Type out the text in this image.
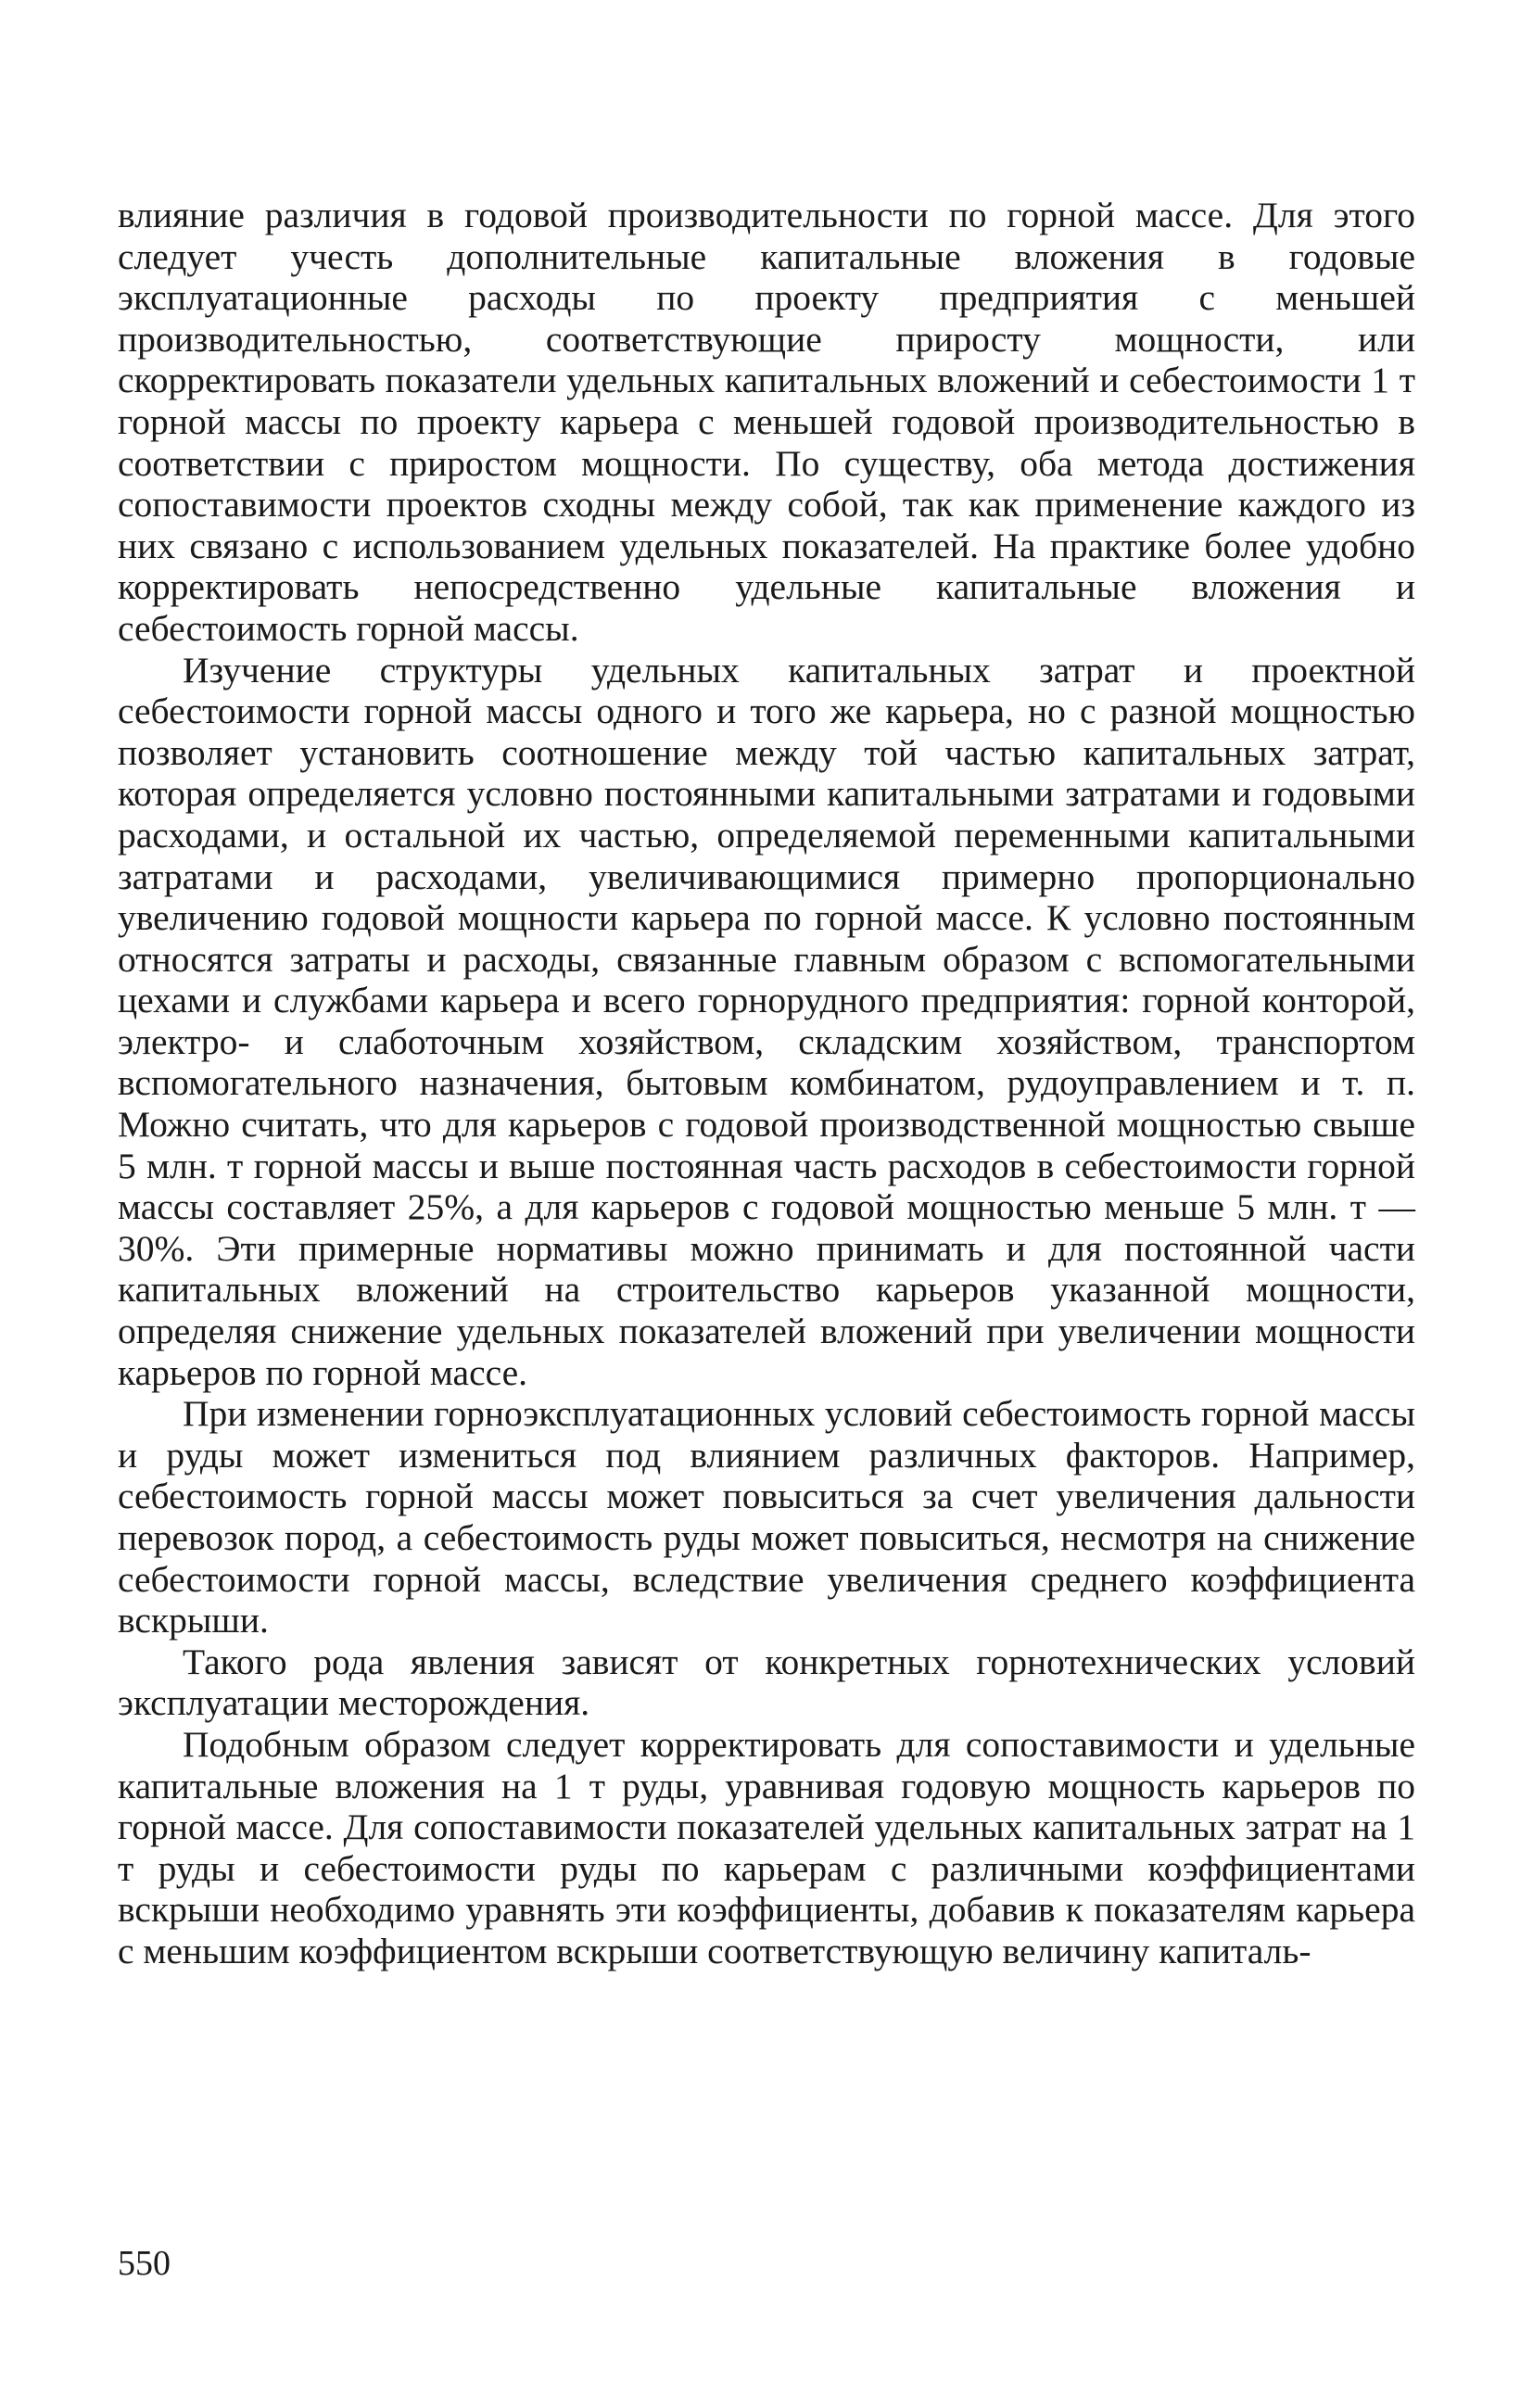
влияние различия в годовой производительности по горной массе. Для этого следует учесть дополнительные капитальные вложения в годовые эксплуатационные расходы по проекту предприятия с меньшей производительностью, соответствующие приросту мощности, или скорректировать показатели удельных капитальных вложений и себестоимости 1 т горной массы по проекту карьера с меньшей годовой производительностью в соответствии с приростом мощности. По существу, оба метода достижения сопоставимости проектов сходны между собой, так как применение каждого из них связано с использованием удельных показателей. На практике более удобно корректировать непосредственно удельные капитальные вложения и себестоимость горной массы.

Изучение структуры удельных капитальных затрат и проектной себестоимости горной массы одного и того же карьера, но с разной мощностью позволяет установить соотношение между той частью капитальных затрат, которая определяется условно постоянными капитальными затратами и годовыми расходами, и остальной их частью, определяемой переменными капитальными затратами и расходами, увеличивающимися примерно пропорционально увеличению годовой мощности карьера по горной массе. К условно постоянным относятся затраты и расходы, связанные главным образом с вспомогательными цехами и службами карьера и всего горнорудного предприятия: горной конторой, электро- и слаботочным хозяйством, складским хозяйством, транспортом вспомогательного назначения, бытовым комбинатом, рудоуправлением и т. п. Можно считать, что для карьеров с годовой производственной мощностью свыше 5 млн. т горной массы и выше постоянная часть расходов в себестоимости горной массы составляет 25%, а для карьеров с годовой мощностью меньше 5 млн. т — 30%. Эти примерные нормативы можно принимать и для постоянной части капитальных вложений на строительство карьеров указанной мощности, определяя снижение удельных показателей вложений при увеличении мощности карьеров по горной массе.

При изменении горноэксплуатационных условий себестоимость горной массы и руды может измениться под влиянием различных факторов. Например, себестоимость горной массы может повыситься за счет увеличения дальности перевозок пород, а себестоимость руды может повыситься, несмотря на снижение себестоимости горной массы, вследствие увеличения среднего коэффициента вскрыши.

Такого рода явления зависят от конкретных горнотехнических условий эксплуатации месторождения.

Подобным образом следует корректировать для сопоставимости и удельные капитальные вложения на 1 т руды, уравнивая годовую мощность карьеров по горной массе. Для сопоставимости показателей удельных капитальных затрат на 1 т руды и себестоимости руды по карьерам с различными коэффициентами вскрыши необходимо уравнять эти коэффициенты, добавив к показателям карьера с меньшим коэффициентом вскрыши соответствующую величину капиталь-

550
